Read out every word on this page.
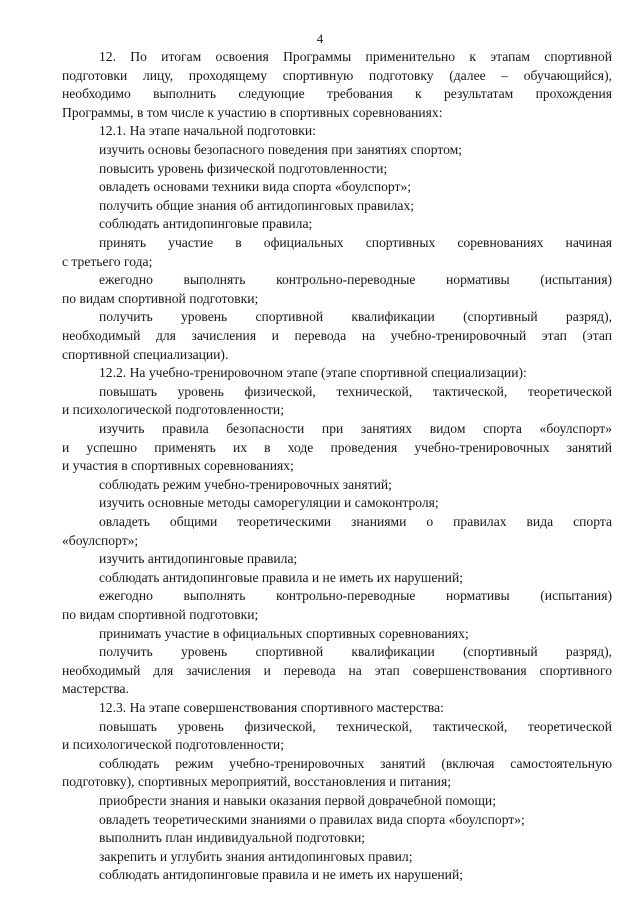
4
12. По итогам освоения Программы применительно к этапам спортивной
подготовки лицу, проходящему спортивную подготовку (далее – обучающийся),
необходимо выполнить следующие требования к результатам прохождения
Программы, в том числе к участию в спортивных соревнованиях:
12.1. На этапе начальной подготовки:
изучить основы безопасного поведения при занятиях спортом;
повысить уровень физической подготовленности;
овладеть основами техники вида спорта «боулспорт»;
получить общие знания об антидопинговых правилах;
соблюдать антидопинговые правила;
принять участие в официальных спортивных соревнованиях начиная
с третьего года;
ежегодно выполнять контрольно-переводные нормативы (испытания)
по видам спортивной подготовки;
получить уровень спортивной квалификации (спортивный разряд),
необходимый для зачисления и перевода на учебно-тренировочный этап (этап
спортивной специализации).
12.2. На учебно-тренировочном этапе (этапе спортивной специализации):
повышать уровень физической, технической, тактической, теоретической
и психологической подготовленности;
изучить правила безопасности при занятиях видом спорта «боулспорт»
и успешно применять их в ходе проведения учебно-тренировочных занятий
и участия в спортивных соревнованиях;
соблюдать режим учебно-тренировочных занятий;
изучить основные методы саморегуляции и самоконтроля;
овладеть общими теоретическими знаниями о правилах вида спорта
«боулспорт»;
изучить антидопинговые правила;
соблюдать антидопинговые правила и не иметь их нарушений;
ежегодно выполнять контрольно-переводные нормативы (испытания)
по видам спортивной подготовки;
принимать участие в официальных спортивных соревнованиях;
получить уровень спортивной квалификации (спортивный разряд),
необходимый для зачисления и перевода на этап совершенствования спортивного
мастерства.
12.3. На этапе совершенствования спортивного мастерства:
повышать уровень физической, технической, тактической, теоретической
и психологической подготовленности;
соблюдать режим учебно-тренировочных занятий (включая самостоятельную
подготовку), спортивных мероприятий, восстановления и питания;
приобрести знания и навыки оказания первой доврачебной помощи;
овладеть теоретическими знаниями о правилах вида спорта «боулспорт»;
выполнить план индивидуальной подготовки;
закрепить и углубить знания антидопинговых правил;
соблюдать антидопинговые правила и не иметь их нарушений;
